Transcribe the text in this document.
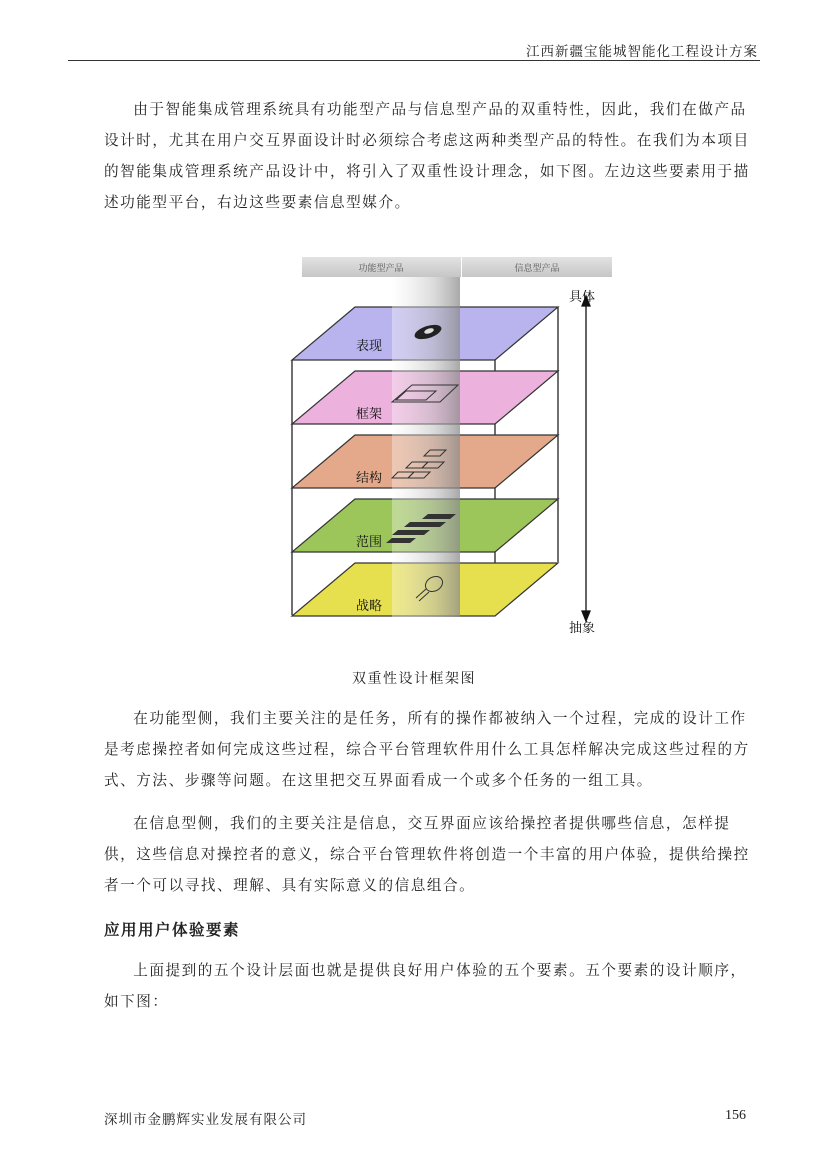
江西新疆宝能城智能化工程设计方案

由于智能集成管理系统具有功能型产品与信息型产品的双重特性，因此，我们在做产品设计时，尤其在用户交互界面设计时必须综合考虑这两种类型产品的特性。在我们为本项目的智能集成管理系统产品设计中，将引入了双重性设计理念，如下图。左边这些要素用于描述功能型平台，右边这些要素信息型媒介。

功能型产品	信息型产品
表现
框架
结构
范围
战略
具体
抽象
双重性设计框架图

在功能型侧，我们主要关注的是任务，所有的操作都被纳入一个过程，完成的设计工作是考虑操控者如何完成这些过程，综合平台管理软件用什么工具怎样解决完成这些过程的方式、方法、步骤等问题。在这里把交互界面看成一个或多个任务的一组工具。

在信息型侧，我们的主要关注是信息，交互界面应该给操控者提供哪些信息，怎样提供，这些信息对操控者的意义，综合平台管理软件将创造一个丰富的用户体验，提供给操控者一个可以寻找、理解、具有实际意义的信息组合。

应用用户体验要素

上面提到的五个设计层面也就是提供良好用户体验的五个要素。五个要素的设计顺序，如下图：

深圳市金鹏辉实业发展有限公司	156
